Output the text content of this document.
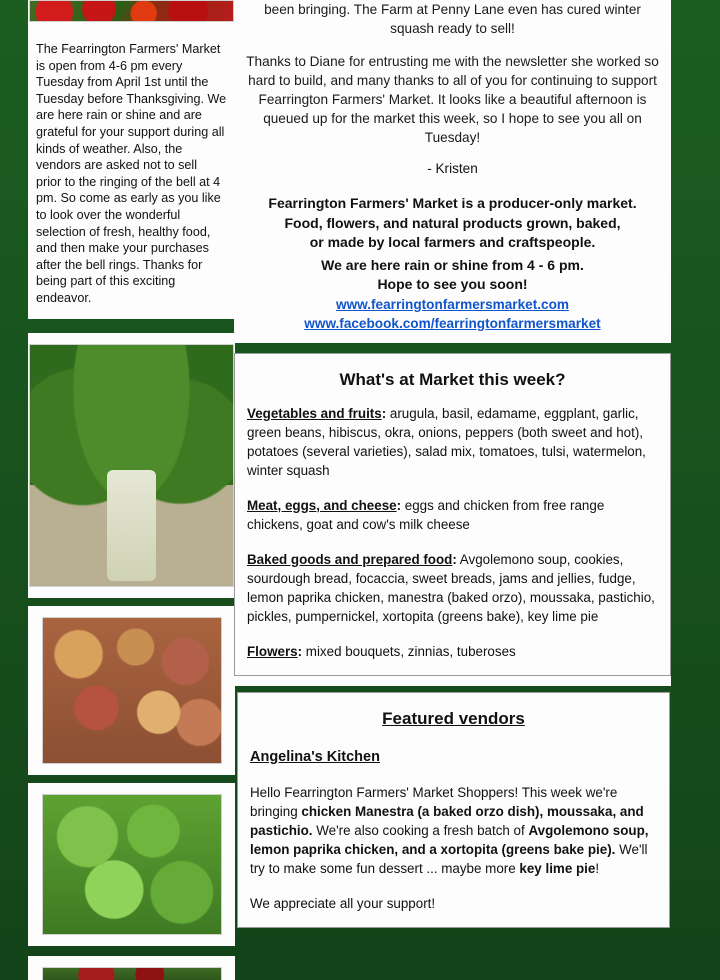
The Fearrington Farmers' Market is open from 4-6 pm every Tuesday from April 1st until the Tuesday before Thanksgiving. We are here rain or shine and are grateful for your support during all kinds of weather. Also, the vendors are asked not to sell

prior to the ringing of the bell at 4 pm. So come as early as you like to look over the wonderful selection of fresh, healthy food, and then make your purchases after the bell rings. Thanks for being part of this exciting endeavor.

been bringing. The Farm at Penny Lane even has cured winter squash ready to sell!

Thanks to Diane for entrusting me with the newsletter she worked so hard to build, and many thanks to all of you for continuing to support Fearrington Farmers' Market. It looks like a beautiful afternoon is queued up for the market this week, so I hope to see you all on Tuesday!

- Kristen
Fearrington Farmers' Market is a producer-only market.
Food, flowers, and natural products grown, baked,
or made by local farmers and craftspeople.
We are here rain or shine from 4 - 6 pm.
Hope to see you soon!
www.fearringtonfarmersmarket.com
www.facebook.com/fearringtonfarmersmarket
What's at Market this week?

Vegetables and fruits: arugula, basil, edamame, eggplant, garlic, green beans, hibiscus, okra, onions, peppers (both sweet and hot), potatoes (several varieties), salad mix, tomatoes, tulsi, watermelon, winter squash

Meat, eggs, and cheese: eggs and chicken from free range chickens, goat and cow's milk cheese

Baked goods and prepared food: Avgolemono soup, cookies, sourdough bread, focaccia, sweet breads, jams and jellies, fudge, lemon paprika chicken, manestra (baked orzo), moussaka, pastichio, pickles, pumpernickel, xortopita (greens bake), key lime pie

Flowers: mixed bouquets, zinnias, tuberoses

Featured vendors
Angelina's Kitchen

Hello Fearrington Farmers' Market Shoppers! This week we're bringing chicken Manestra (a baked orzo dish), moussaka, and pastichio. We're also cooking a fresh batch of Avgolemono soup, lemon paprika chicken, and a xortopita (greens bake pie). We'll try to make some fun dessert ... maybe more key lime pie!

We appreciate all your support!
